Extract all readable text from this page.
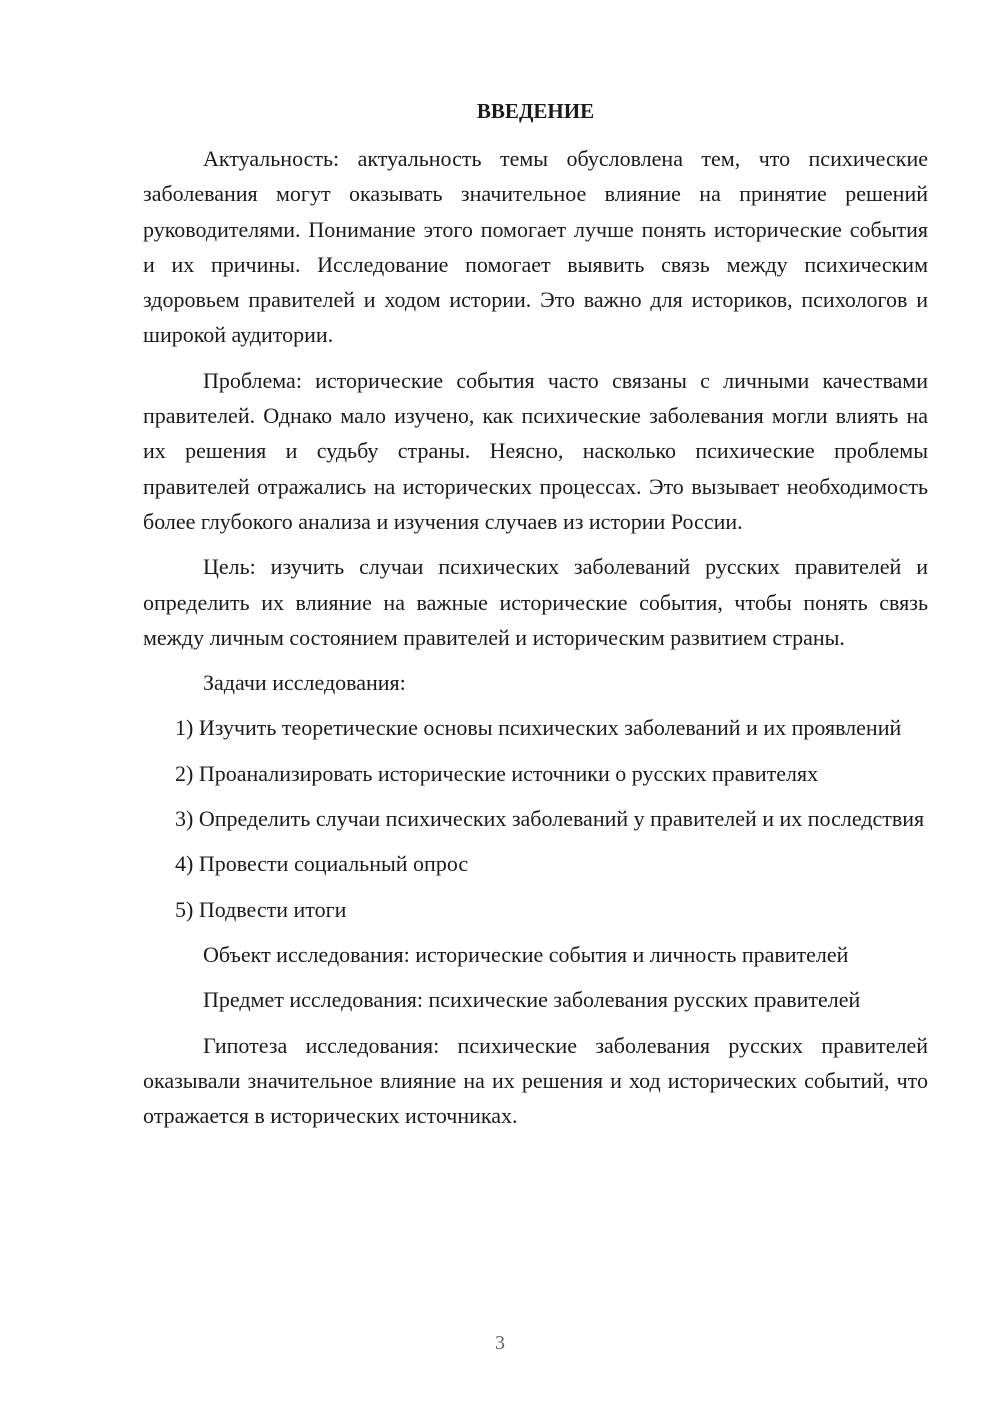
ВВЕДЕНИЕ

Актуальность: актуальность темы обусловлена тем, что психические заболевания могут оказывать значительное влияние на принятие решений руководителями. Понимание этого помогает лучше понять исторические события и их причины. Исследование помогает выявить связь между психическим здоровьем правителей и ходом истории. Это важно для историков, психологов и широкой аудитории.

Проблема: исторические события часто связаны с личными качествами правителей. Однако мало изучено, как психические заболевания могли влиять на их решения и судьбу страны. Неясно, насколько психические проблемы правителей отражались на исторических процессах. Это вызывает необходимость более глубокого анализа и изучения случаев из истории России.

Цель: изучить случаи психических заболеваний русских правителей и определить их влияние на важные исторические события, чтобы понять связь между личным состоянием правителей и историческим развитием страны.

Задачи исследования:

1) Изучить теоретические основы психических заболеваний и их проявлений

2) Проанализировать исторические источники о русских правителях

3) Определить случаи психических заболеваний у правителей и их последствия

4) Провести социальный опрос

5) Подвести итоги

Объект исследования: исторические события и личность правителей

Предмет исследования: психические заболевания русских правителей

Гипотеза исследования: психические заболевания русских правителей оказывали значительное влияние на их решения и ход исторических событий, что отражается в исторических источниках.

3
